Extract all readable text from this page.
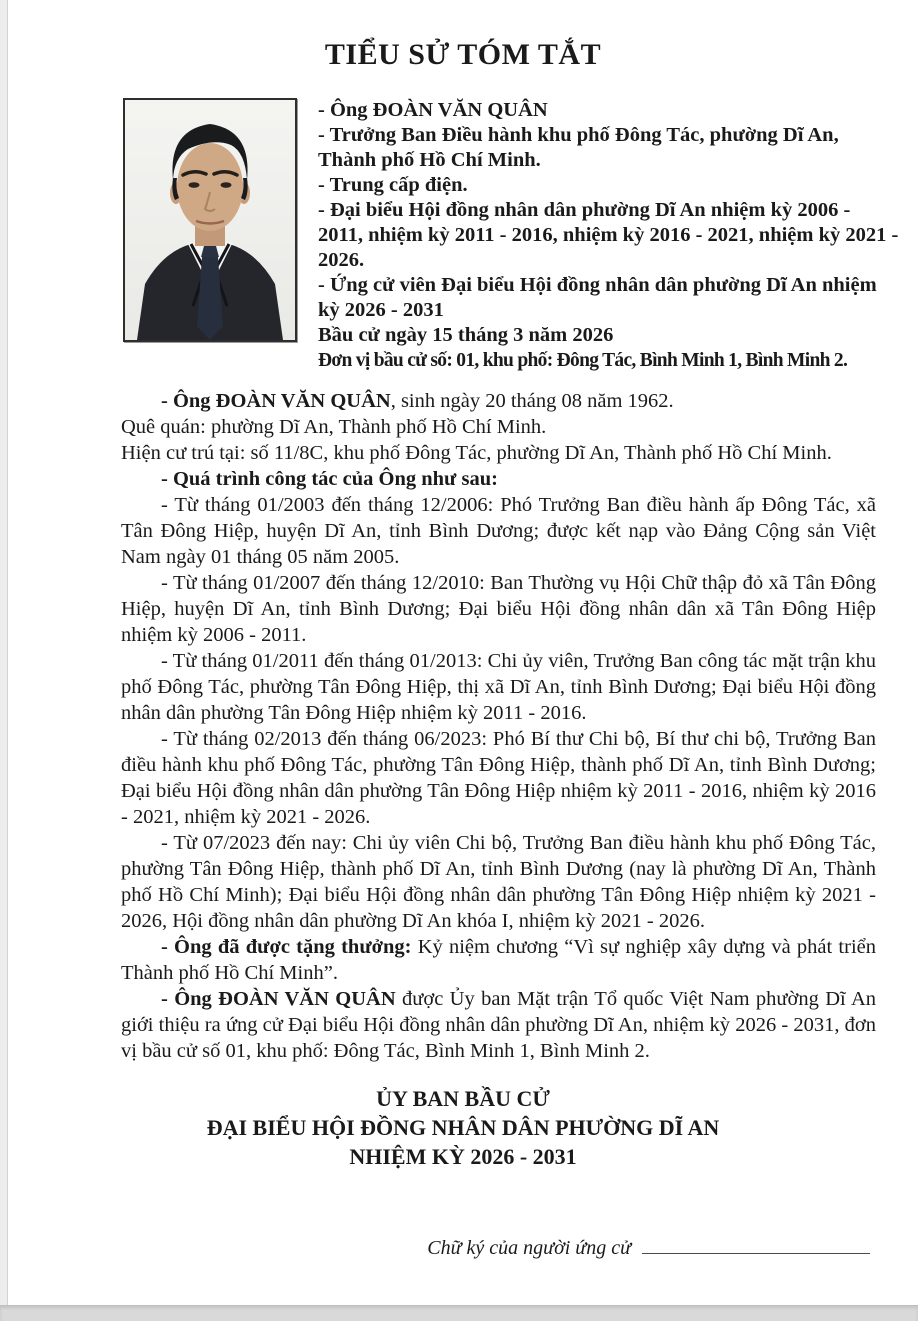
TIỂU SỬ TÓM TẮT
- Ông ĐOÀN VĂN QUÂN
- Trưởng Ban Điều hành khu phố Đông Tác, phường Dĩ An, Thành phố Hồ Chí Minh.
- Trung cấp điện.
- Đại biểu Hội đồng nhân dân phường Dĩ An nhiệm kỳ 2006 - 2011, nhiệm kỳ 2011 - 2016, nhiệm kỳ 2016 - 2021, nhiệm kỳ 2021 - 2026.
- Ứng cử viên Đại biểu Hội đồng nhân dân phường Dĩ An nhiệm kỳ 2026 - 2031
Bầu cử ngày 15 tháng 3 năm 2026
Đơn vị bầu cử số: 01, khu phố: Đông Tác, Bình Minh 1, Bình Minh 2.

- Ông ĐOÀN VĂN QUÂN, sinh ngày 20 tháng 08 năm 1962.

Quê quán: phường Dĩ An, Thành phố Hồ Chí Minh.

Hiện cư trú tại: số 11/8C, khu phố Đông Tác, phường Dĩ An, Thành phố Hồ Chí Minh.

- Quá trình công tác của Ông như sau:

- Từ tháng 01/2003 đến tháng 12/2006: Phó Trưởng Ban điều hành ấp Đông Tác, xã Tân Đông Hiệp, huyện Dĩ An, tỉnh Bình Dương; được kết nạp vào Đảng Cộng sản Việt Nam ngày 01 tháng 05 năm 2005.

- Từ tháng 01/2007 đến tháng 12/2010: Ban Thường vụ Hội Chữ thập đỏ xã Tân Đông Hiệp, huyện Dĩ An, tỉnh Bình Dương; Đại biểu Hội đồng nhân dân xã Tân Đông Hiệp nhiệm kỳ 2006 - 2011.

- Từ tháng 01/2011 đến tháng 01/2013: Chi ủy viên, Trưởng Ban công tác mặt trận khu phố Đông Tác, phường Tân Đông Hiệp, thị xã Dĩ An, tỉnh Bình Dương; Đại biểu Hội đồng nhân dân phường Tân Đông Hiệp nhiệm kỳ 2011 - 2016.

- Từ tháng 02/2013 đến tháng 06/2023: Phó Bí thư Chi bộ, Bí thư chi bộ, Trưởng Ban điều hành khu phố Đông Tác, phường Tân Đông Hiệp, thành phố Dĩ An, tỉnh Bình Dương; Đại biểu Hội đồng nhân dân phường Tân Đông Hiệp nhiệm kỳ 2011 - 2016, nhiệm kỳ 2016 - 2021, nhiệm kỳ 2021 - 2026.

- Từ 07/2023 đến nay: Chi ủy viên Chi bộ, Trưởng Ban điều hành khu phố Đông Tác, phường Tân Đông Hiệp, thành phố Dĩ An, tỉnh Bình Dương (nay là phường Dĩ An, Thành phố Hồ Chí Minh); Đại biểu Hội đồng nhân dân phường Tân Đông Hiệp nhiệm kỳ 2021 - 2026, Hội đồng nhân dân phường Dĩ An khóa I, nhiệm kỳ 2021 - 2026.

- Ông đã được tặng thưởng: Kỷ niệm chương “Vì sự nghiệp xây dựng và phát triển Thành phố Hồ Chí Minh”.

- Ông ĐOÀN VĂN QUÂN được Ủy ban Mặt trận Tổ quốc Việt Nam phường Dĩ An giới thiệu ra ứng cử Đại biểu Hội đồng nhân dân phường Dĩ An, nhiệm kỳ 2026 - 2031, đơn vị bầu cử số 01, khu phố: Đông Tác, Bình Minh 1, Bình Minh 2.

ỦY BAN BẦU CỬ
ĐẠI BIỂU HỘI ĐỒNG NHÂN DÂN PHƯỜNG DĨ AN
NHIỆM KỲ 2026 - 2031
Chữ ký của người ứng cử
